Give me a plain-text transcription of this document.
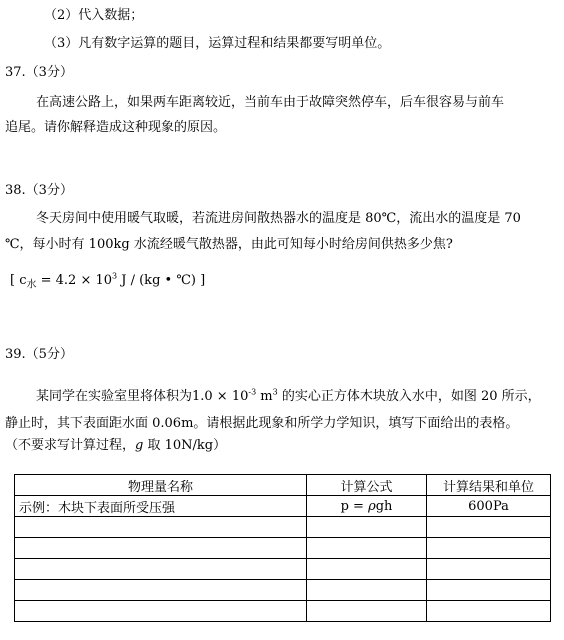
（2）代入数据；
（3）凡有数字运算的题目，运算过程和结果都要写明单位。
37.（3分）
在高速公路上，如果两车距离较近，当前车由于故障突然停车，后车很容易与前车
追尾。请你解释造成这种现象的原因。
38.（3分）
冬天房间中使用暖气取暖，若流进房间散热器水的温度是 80℃，流出水的温度是 70
℃，每小时有 100kg 水流经暖气散热器，由此可知每小时给房间供热多少焦?
[ $c_水 = 4.2 \times 10^3$ J / (kg • ℃) ]
39.（5分）
某同学在实验室里将体积为$1.0 \times 10^{-3}$ $m^3$ 的实心正方体木块放入水中，如图 20 所示，
静止时，其下表面距水面 0.06m。请根据此现象和所学力学知识，填写下面给出的表格。
（不要求写计算过程，g 取 10N/kg）
物理量名称	计算公式	计算结果和单位
示例：木块下表面所受压强	p = ρgh	600Pa
